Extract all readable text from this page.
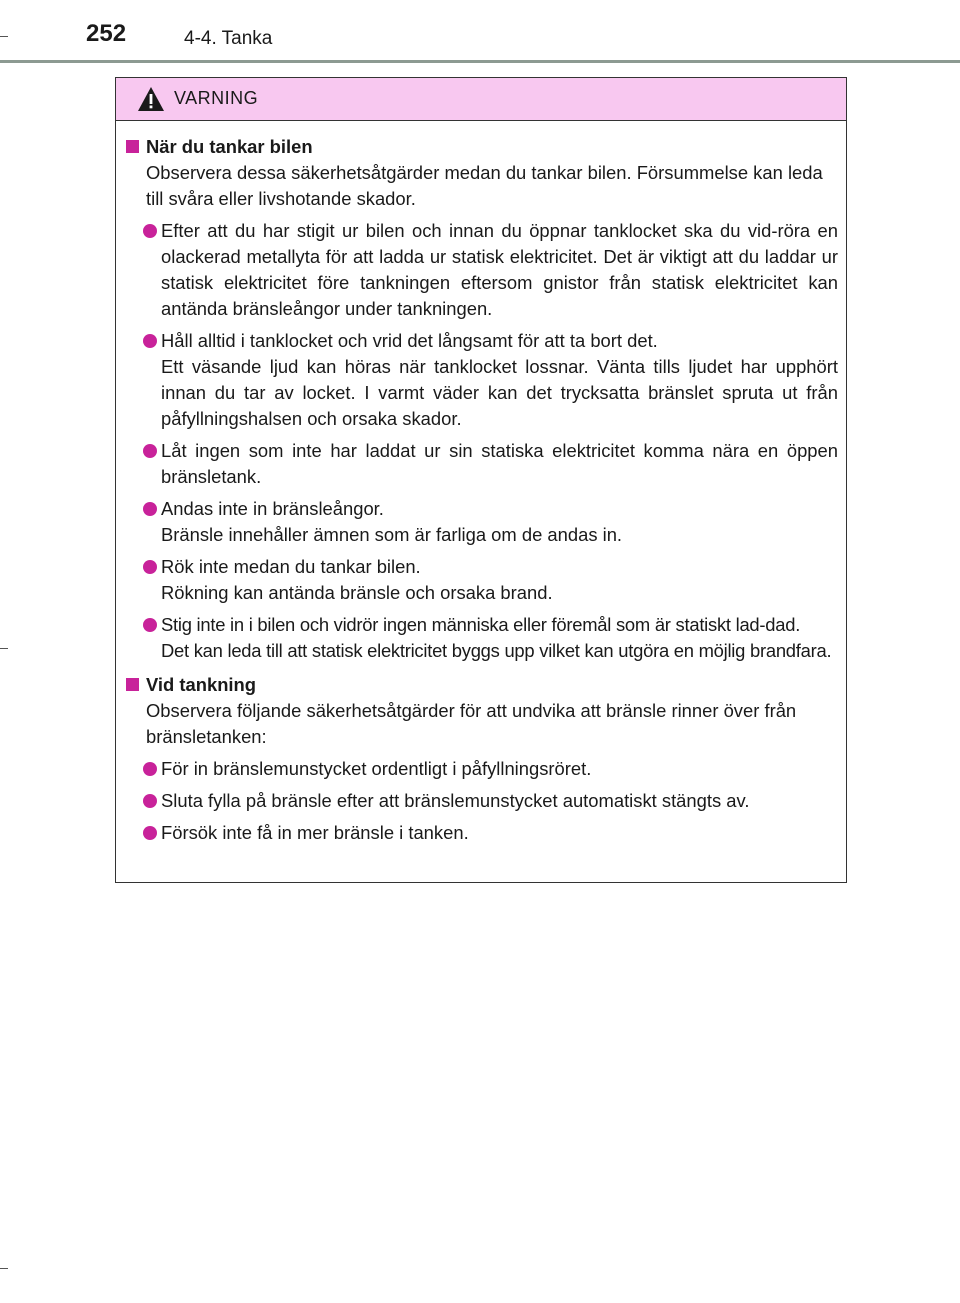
252	4-4. Tanka
VARNING
När du tankar bilen

Observera dessa säkerhetsåtgärder medan du tankar bilen. Försummelse kan leda till svåra eller livshotande skador.

Efter att du har stigit ur bilen och innan du öppnar tanklocket ska du vid-röra en olackerad metallyta för att ladda ur statisk elektricitet. Det är viktigt att du laddar ur statisk elektricitet före tankningen eftersom gnistor från statisk elektricitet kan antända bränsleångor under tankningen.

Håll alltid i tanklocket och vrid det långsamt för att ta bort det.

Ett väsande ljud kan höras när tanklocket lossnar. Vänta tills ljudet har upphört innan du tar av locket. I varmt väder kan det trycksatta bränslet spruta ut från påfyllningshalsen och orsaka skador.

Låt ingen som inte har laddat ur sin statiska elektricitet komma nära en öppen bränsletank.

Andas inte in bränsleångor.

Bränsle innehåller ämnen som är farliga om de andas in.

Rök inte medan du tankar bilen.

Rökning kan antända bränsle och orsaka brand.

Stig inte in i bilen och vidrör ingen människa eller föremål som är statiskt lad-dad.

Det kan leda till att statisk elektricitet byggs upp vilket kan utgöra en möjlig brandfara.

Vid tankning

Observera följande säkerhetsåtgärder för att undvika att bränsle rinner över från bränsletanken:

För in bränslemunstycket ordentligt i påfyllningsröret.

Sluta fylla på bränsle efter att bränslemunstycket automatiskt stängts av.

Försök inte få in mer bränsle i tanken.
